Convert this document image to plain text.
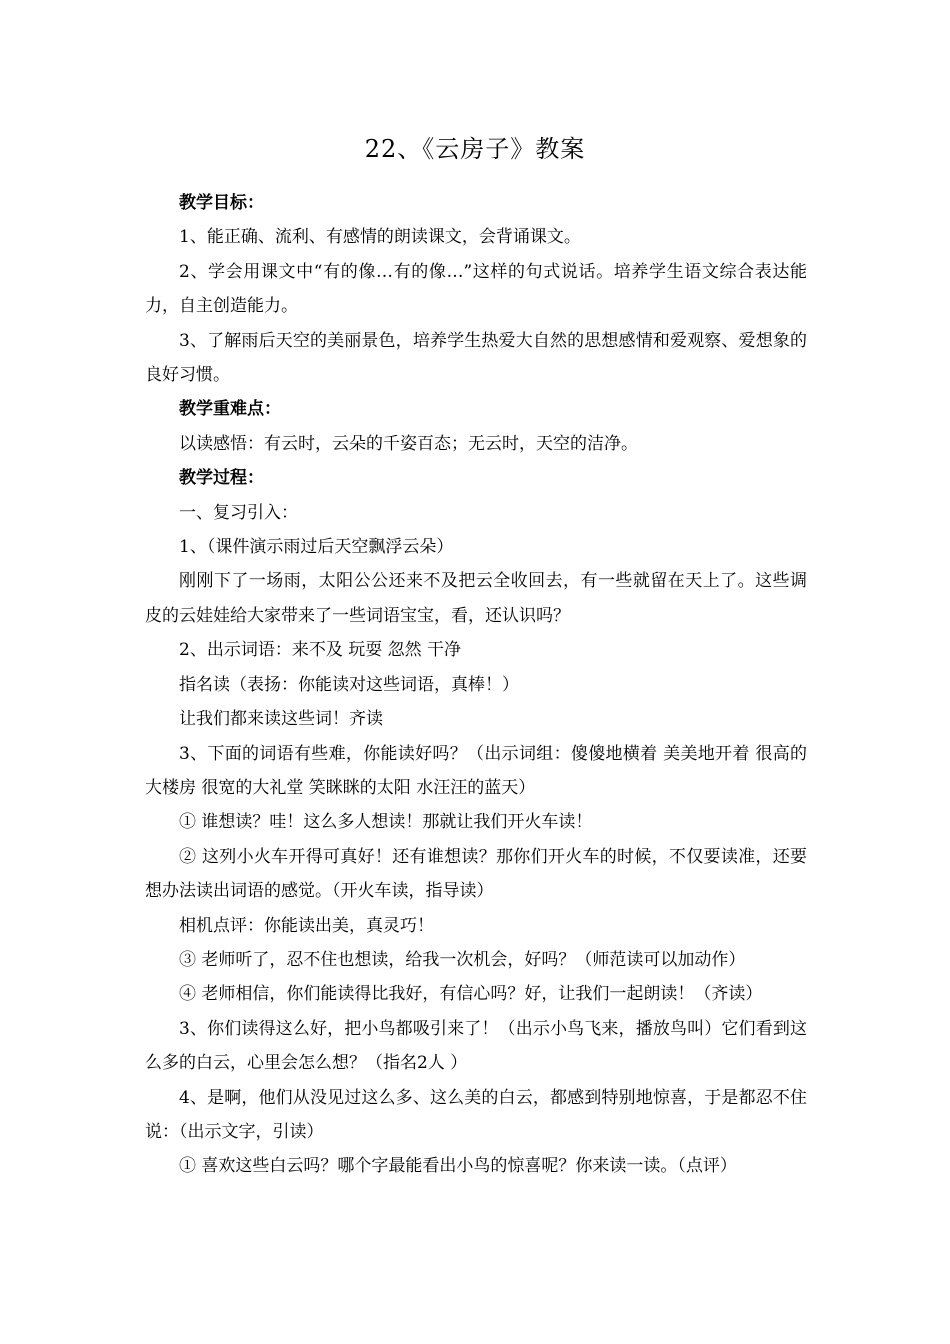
22、《云房子》教案

教学目标：

1、能正确、流利、有感情的朗读课文，会背诵课文。

2、学会用课文中“有的像…有的像…”这样的句式说话。培养学生语文综合表达能力，自主创造能力。

3、了解雨后天空的美丽景色，培养学生热爱大自然的思想感情和爱观察、爱想象的良好习惯。

教学重难点：

以读感悟：有云时，云朵的千姿百态；无云时，天空的洁净。

教学过程：

一、复习引入：

1、（课件演示雨过后天空飘浮云朵）

刚刚下了一场雨，太阳公公还来不及把云全收回去，有一些就留在天上了。这些调皮的云娃娃给大家带来了一些词语宝宝，看，还认识吗？

2、出示词语：来不及 玩耍 忽然 干净

指名读（表扬：你能读对这些词语，真棒！）

让我们都来读这些词！齐读

3、下面的词语有些难，你能读好吗？（出示词组：傻傻地横着 美美地开着 很高的大楼房 很宽的大礼堂 笑眯眯的太阳 水汪汪的蓝天）

① 谁想读？哇！这么多人想读！那就让我们开火车读！

② 这列小火车开得可真好！还有谁想读？那你们开火车的时候，不仅要读准，还要想办法读出词语的感觉。（开火车读，指导读）

相机点评：你能读出美，真灵巧！

③ 老师听了，忍不住也想读，给我一次机会，好吗？（师范读可以加动作）

④ 老师相信，你们能读得比我好，有信心吗？好，让我们一起朗读！（齐读）

3、你们读得这么好，把小鸟都吸引来了！（出示小鸟飞来，播放鸟叫）它们看到这么多的白云，心里会怎么想？（指名2人 ）

4、是啊，他们从没见过这么多、这么美的白云，都感到特别地惊喜，于是都忍不住说：（出示文字，引读）

① 喜欢这些白云吗？哪个字最能看出小鸟的惊喜呢？你来读一读。（点评）
